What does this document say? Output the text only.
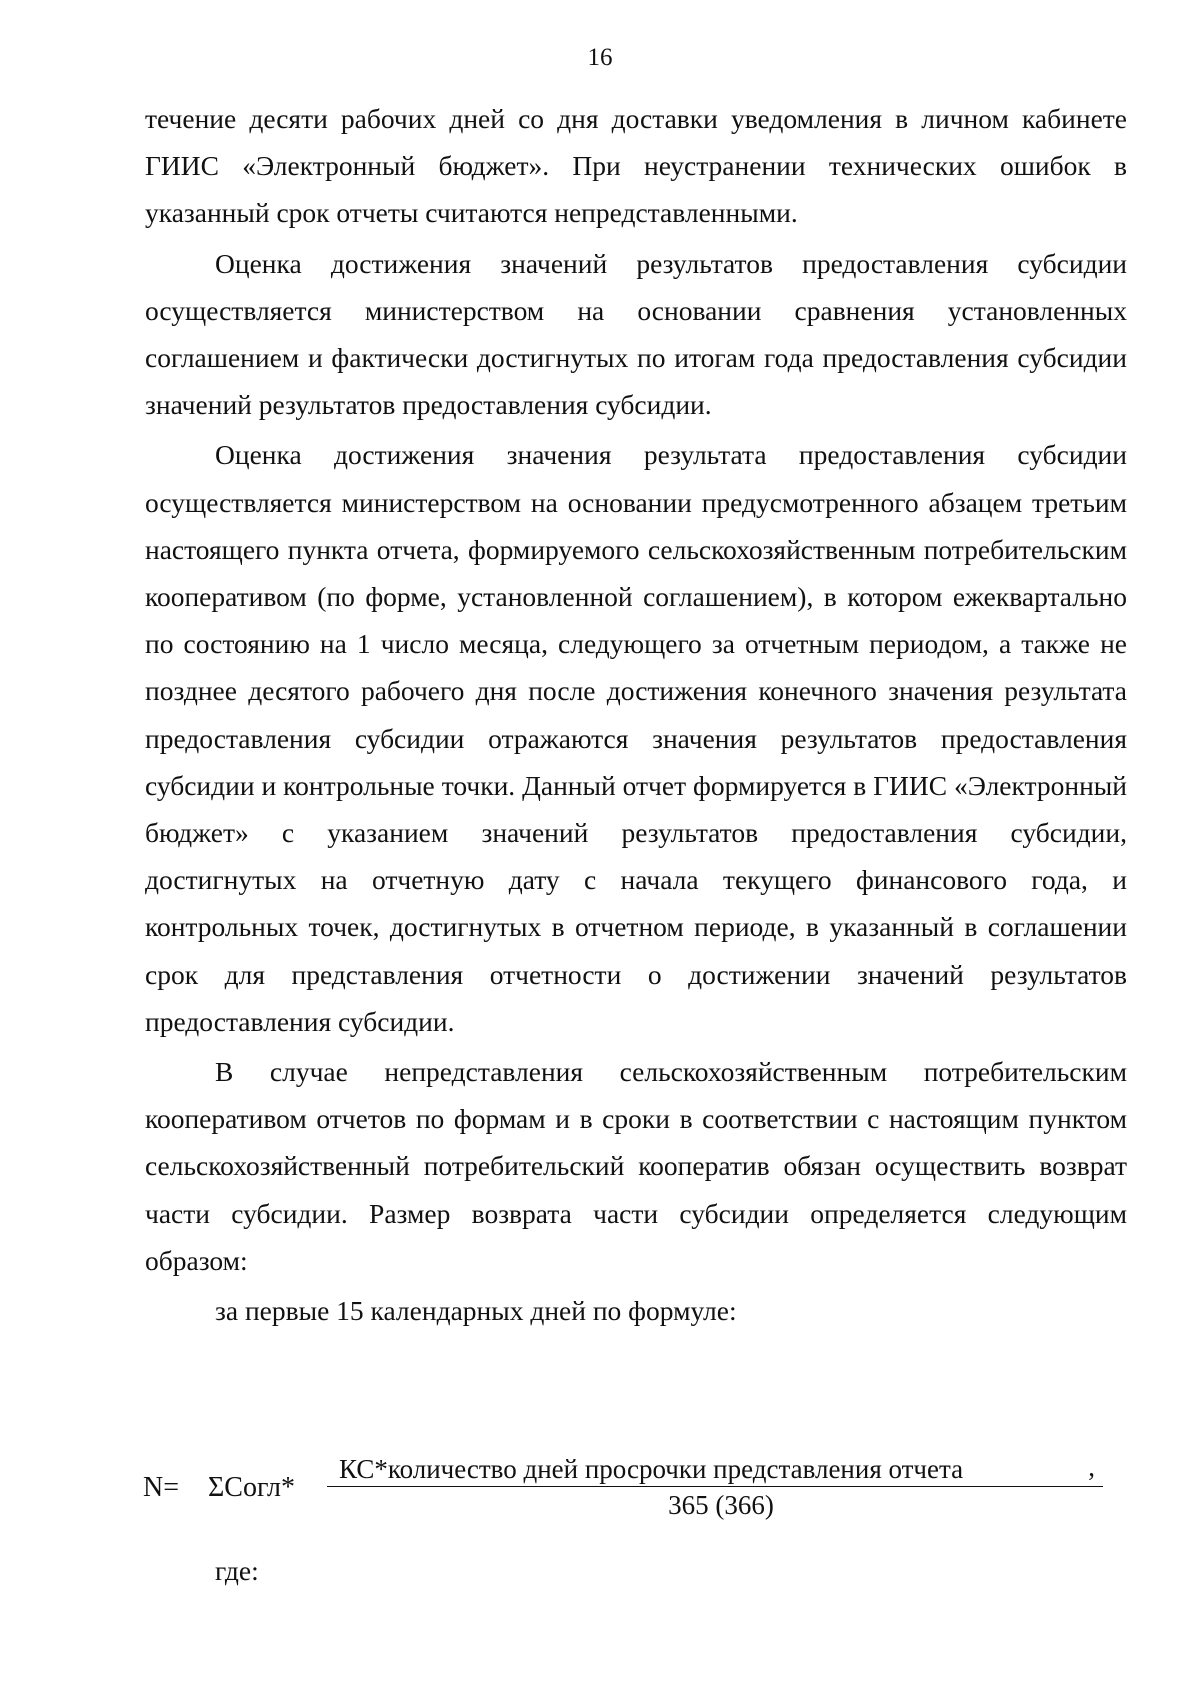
16

течение десяти рабочих дней со дня доставки уведомления в личном кабинете ГИИС «Электронный бюджет». При неустранении технических ошибок в указанный срок отчеты считаются непредставленными.

Оценка достижения значений результатов предоставления субсидии осуществляется министерством на основании сравнения установленных соглашением и фактически достигнутых по итогам года предоставления субсидии значений результатов предоставления субсидии.

Оценка достижения значения результата предоставления субсидии осуществляется министерством на основании предусмотренного абзацем третьим настоящего пункта отчета, формируемого сельскохозяйственным потребительским кооперативом (по форме, установленной соглашением), в котором ежеквартально по состоянию на 1 число месяца, следующего за отчетным периодом, а также не позднее десятого рабочего дня после достижения конечного значения результата предоставления субсидии отражаются значения результатов предоставления субсидии и контрольные точки. Данный отчет формируется в ГИИС «Электронный бюджет» с указанием значений результатов предоставления субсидии, достигнутых на отчетную дату с начала текущего финансового года, и контрольных точек, достигнутых в отчетном периоде, в указанный в соглашении срок для представления отчетности о достижении значений результатов предоставления субсидии.

В случае непредставления сельскохозяйственным потребительским кооперативом отчетов по формам и в сроки в соответствии с настоящим пунктом сельскохозяйственный потребительский кооператив обязан осуществить возврат части субсидии. Размер возврата части субсидии определяется следующим образом:

за первые 15 календарных дней по формуле:

N= ΣСогл*
КС*количество дней просрочки представления отчета	,
365 (366)
где:
